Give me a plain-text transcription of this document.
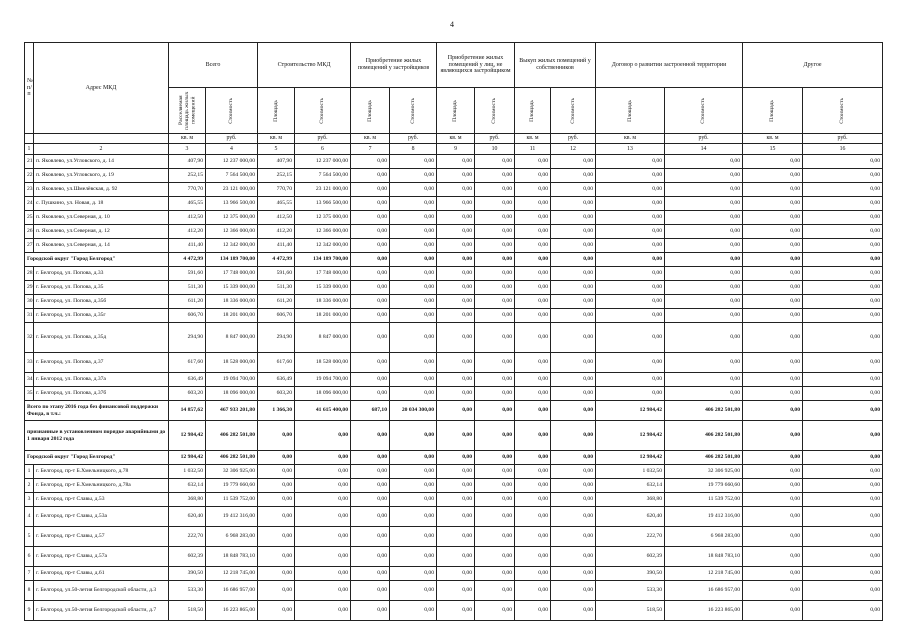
4
№ п/п	Адрес МКД	Всего		Строительство МКД		Приобретение жилых помещений у застройщиков		Приобретение жилых помещений у лиц, не являющихся застройщиком		Выкуп жилых помещений у собственников		Договор о развитии застроенной территории		Другое	

		Расселяемая площадь жилых помещений	Стоимость	Площадь	Стоимость	Площадь	Стоимость	Площадь	Стоимость	Площадь	Стоимость	Площадь	Стоимость	Площадь	Стоимость

		кв. м	руб.	кв. м	руб.	кв. м	руб.	кв. м	руб.	кв. м	руб.	кв. м	руб.	кв. м	руб.
1	2	3	4	5	6	7	8	9	10	11	12	13	14	15	16
21	п. Яковлево, ул.Угловского, д. 14	407,90	12 237 000,00	407,90	12 237 000,00	0,00	0,00	0,00	0,00	0,00	0,00	0,00	0,00	0,00	0,00
22	п. Яковлево, ул.Угловского, д. 19	252,15	7 564 500,00	252,15	7 564 500,00	0,00	0,00	0,00	0,00	0,00	0,00	0,00	0,00	0,00	0,00
23	п. Яковлево, ул.Шмелёвская, д. 92	770,70	23 121 000,00	770,70	23 121 000,00	0,00	0,00	0,00	0,00	0,00	0,00	0,00	0,00	0,00	0,00
24	с. Пушкино, ул. Новая, д. 18	465,55	13 966 500,00	465,55	13 966 500,00	0,00	0,00	0,00	0,00	0,00	0,00	0,00	0,00	0,00	0,00
25	п. Яковлево, ул.Северная, д. 10	412,50	12 375 000,00	412,50	12 375 000,00	0,00	0,00	0,00	0,00	0,00	0,00	0,00	0,00	0,00	0,00
26	п. Яковлево, ул.Северная, д. 12	412,20	12 366 000,00	412,20	12 366 000,00	0,00	0,00	0,00	0,00	0,00	0,00	0,00	0,00	0,00	0,00
27	п. Яковлево, ул.Северная, д. 14	411,40	12 342 000,00	411,40	12 342 000,00	0,00	0,00	0,00	0,00	0,00	0,00	0,00	0,00	0,00	0,00
Городской округ "Город Белгород"		4 472,99	134 189 700,00	4 472,99	134 189 700,00	0,00	0,00	0,00	0,00	0,00	0,00	0,00	0,00	0,00	0,00
28	г. Белгород, ул. Попова, д.33	591,60	17 748 000,00	591,60	17 748 000,00	0,00	0,00	0,00	0,00	0,00	0,00	0,00	0,00	0,00	0,00
29	г. Белгород, ул. Попова, д.35	511,30	15 339 000,00	511,30	15 339 000,00	0,00	0,00	0,00	0,00	0,00	0,00	0,00	0,00	0,00	0,00
30	г. Белгород, ул. Попова, д.35б	611,20	18 336 000,00	611,20	18 336 000,00	0,00	0,00	0,00	0,00	0,00	0,00	0,00	0,00	0,00	0,00
31	г. Белгород, ул. Попова, д.35г	606,70	18 201 000,00	606,70	18 201 000,00	0,00	0,00	0,00	0,00	0,00	0,00	0,00	0,00	0,00	0,00
32	г. Белгород, ул. Попова, д.35д	294,90	8 847 000,00	294,90	8 847 000,00	0,00	0,00	0,00	0,00	0,00	0,00	0,00	0,00	0,00	0,00
33	г. Белгород, ул. Попова, д.37	617,60	18 528 000,00	617,60	18 528 000,00	0,00	0,00	0,00	0,00	0,00	0,00	0,00	0,00	0,00	0,00
34	г. Белгород, ул. Попова, д.37а	636,49	19 094 700,00	636,49	19 094 700,00	0,00	0,00	0,00	0,00	0,00	0,00	0,00	0,00	0,00	0,00
35	г. Белгород, ул. Попова, д.37б	603,20	18 096 000,00	603,20	18 096 000,00	0,00	0,00	0,00	0,00	0,00	0,00	0,00	0,00	0,00	0,00
Всего по этапу 2016 года без финансовой поддержки Фонда, в т.ч.:		14 857,62	467 933 201,80	1 366,30	41 615 400,00	687,10	20 034 300,00	0,00	0,00	0,00	0,00	12 984,42	406 282 501,80	0,00	0,00
признанные в установленном порядке аварийными до 1 января 2012 года		12 984,42	406 282 501,80	0,00	0,00	0,00	0,00	0,00	0,00	0,00	0,00	12 984,42	406 282 501,80	0,00	0,00
Городской округ "Город Белгород"		12 984,42	406 282 501,80	0,00	0,00	0,00	0,00	0,00	0,00	0,00	0,00	12 984,42	406 282 501,80	0,00	0,00
1	г. Белгород, пр-т Б.Хмельницкого, д.78	1 032,50	32 306 925,00	0,00	0,00	0,00	0,00	0,00	0,00	0,00	0,00	1 032,50	32 306 925,00	0,00	0,00
2	г. Белгород, пр-т Б.Хмельницкого, д.78а	632,14	19 779 660,60	0,00	0,00	0,00	0,00	0,00	0,00	0,00	0,00	632,14	19 779 660,60	0,00	0,00
3	г. Белгород, пр-т Славы, д.53	368,80	11 539 752,00	0,00	0,00	0,00	0,00	0,00	0,00	0,00	0,00	368,80	11 539 752,00	0,00	0,00
4	г. Белгород, пр-т Славы, д.53а	620,40	19 412 316,00	0,00	0,00	0,00	0,00	0,00	0,00	0,00	0,00	620,40	19 412 316,00	0,00	0,00
5	г. Белгород, пр-т Славы, д.57	222,70	6 968 283,00	0,00	0,00	0,00	0,00	0,00	0,00	0,00	0,00	222,70	6 968 283,00	0,00	0,00
6	г. Белгород, пр-т Славы, д.57а	602,39	18 848 783,10	0,00	0,00	0,00	0,00	0,00	0,00	0,00	0,00	602,39	18 848 783,10	0,00	0,00
7	г. Белгород, пр-т Славы, д.61	390,50	12 218 745,00	0,00	0,00	0,00	0,00	0,00	0,00	0,00	0,00	390,50	12 218 745,00	0,00	0,00
8	г. Белгород, ул.50-летия Белгородской области, д.3	533,30	16 686 957,00	0,00	0,00	0,00	0,00	0,00	0,00	0,00	0,00	533,30	16 686 957,00	0,00	0,00
9	г. Белгород, ул.50-летия Белгородской области, д.7	518,50	16 223 865,00	0,00	0,00	0,00	0,00	0,00	0,00	0,00	0,00	518,50	16 223 865,00	0,00	0,00
